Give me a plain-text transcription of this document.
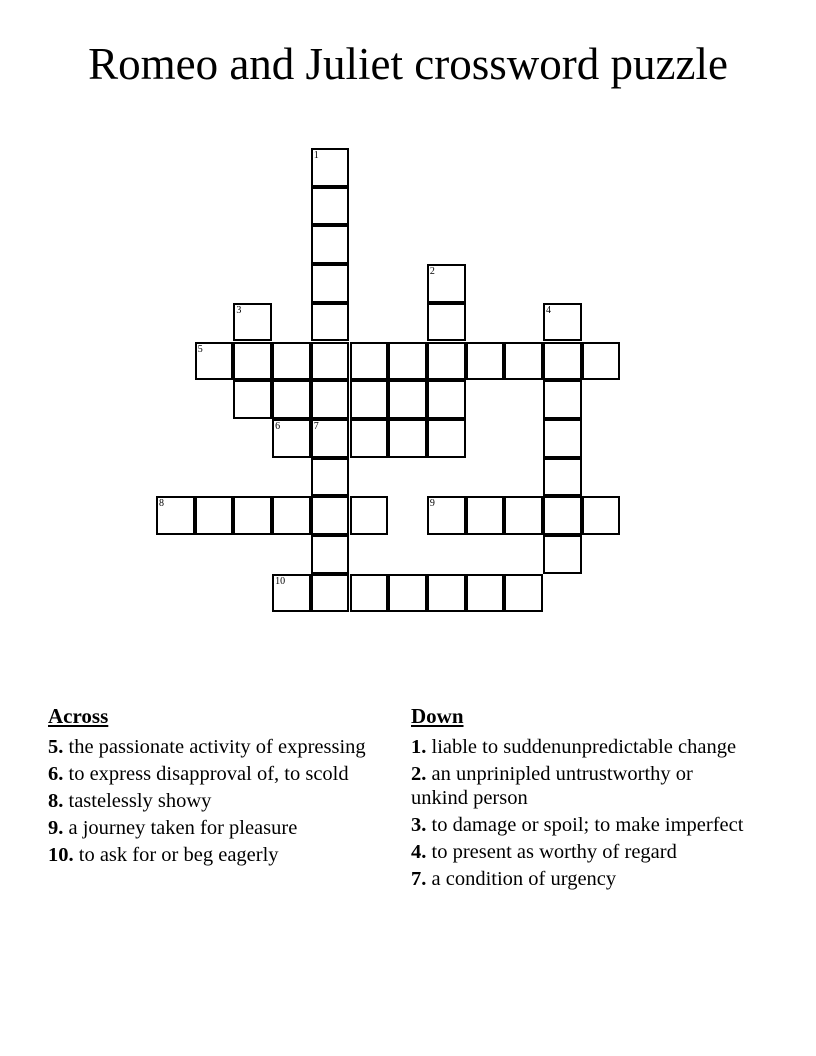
Romeo and Juliet crossword puzzle
1
2
3	4
5
6	7
8	9
10
Across
5. the passionate activity of expressing
6. to express disapproval of, to scold
8. tastelessly showy
9. a journey taken for pleasure
10. to ask for or beg eagerly
Down
1. liable to suddenunpredictable change
2. an unprinipled untrustworthy or unkind person
3. to damage or spoil; to make imperfect
4. to present as worthy of regard
7. a condition of urgency
